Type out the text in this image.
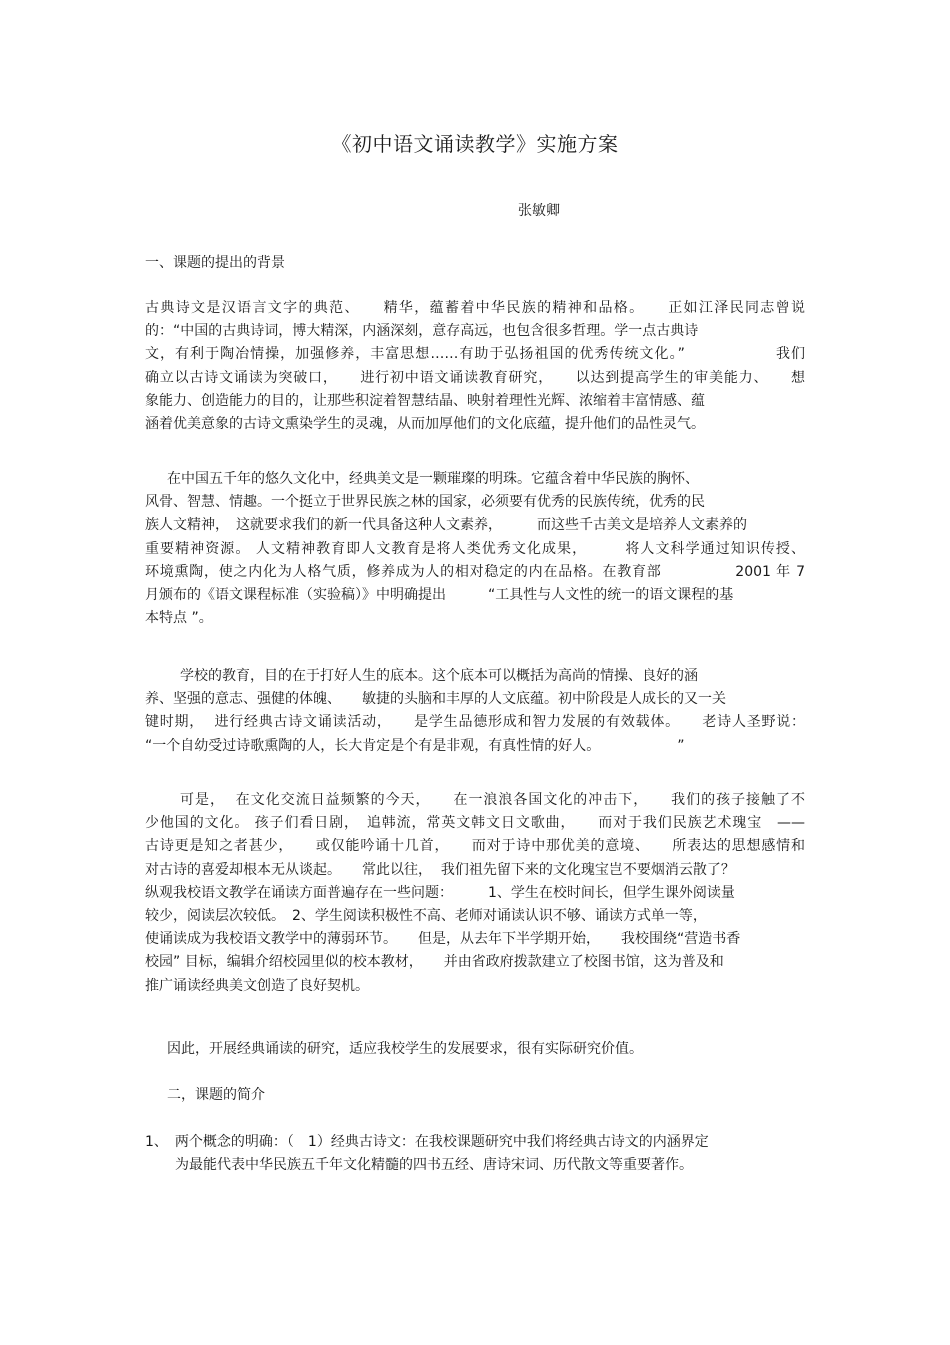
《初中语文诵读教学》实施方案
张敏卿
一、课题的提出的背景
古典诗文是汉语言文字的典范、　　精华，蕴蓄着中华民族的精神和品格。　　正如江泽民同志曾说
的：“中国的古典诗词，博大精深，内涵深刻，意存高远，也包含很多哲理。学一点古典诗
文，有利于陶冶情操，加强修养，丰富思想……有助于弘扬祖国的优秀传统文化。”　　　　　　我们
确立以古诗文诵读为突破口，　　进行初中语文诵读教育研究，　　以达到提高学生的审美能力、　　想
象能力、创造能力的目的，让那些积淀着智慧结晶、映射着理性光辉、浓缩着丰富情感、蕴
涵着优美意象的古诗文熏染学生的灵魂，从而加厚他们的文化底蕴，提升他们的品性灵气。
在中国五千年的悠久文化中，经典美文是一颗璀璨的明珠。它蕴含着中华民族的胸怀、
风骨、智慧、情趣。一个挺立于世界民族之林的国家，必须要有优秀的民族传统，优秀的民
族人文精神，　这就要求我们的新一代具备这种人文素养，　　　而这些千古美文是培养人文素养的
重要精神资源。 人文精神教育即人文教育是将人类优秀文化成果，　　　将人文科学通过知识传授、
环境熏陶，使之内化为人格气质，修养成为人的相对稳定的内在品格。在教育部　　　　　2001 年 7
月颁布的《语文课程标准（实验稿）》中明确提出　　　“工具性与人文性的统一的语文课程的基
本特点 ”。
学校的教育，目的在于打好人生的底本。这个底本可以概括为高尚的情操、良好的涵
养、坚强的意志、强健的体魄、　　敏捷的头脑和丰厚的人文底蕴。初中阶段是人成长的又一关
键时期，  进行经典古诗文诵读活动，　　是学生品德形成和智力发展的有效载体。　　老诗人圣野说：
“一个自幼受过诗歌熏陶的人，长大肯定是个有是非观，有真性情的好人。　　　　　　”
可是，  在文化交流日益频繁的今天，　　在一浪浪各国文化的冲击下，　　我们的孩子接触了不
少他国的文化。 孩子们看日剧，　追韩流，常英文韩文日文歌曲，　　而对于我们民族艺术瑰宝　——
古诗更是知之者甚少，　　或仅能吟诵十几首，　　而对于诗中那优美的意境、　　所表达的思想感情和
对古诗的喜爱却根本无从谈起。　　常此以往，  我们祖先留下来的文化瑰宝岂不要烟消云散了？
纵观我校语文教学在诵读方面普遍存在一些问题：　　　1、学生在校时间长，但学生课外阅读量
较少，阅读层次较低。　2、学生阅读积极性不高、老师对诵读认识不够、诵读方式单一等，
使诵读成为我校语文教学中的薄弱环节。　　但是，从去年下半学期开始，　　我校围绕“营造书香
校园” 目标，编辑介绍校园里似的校本教材，　　并由省政府拨款建立了校图书馆，这为普及和
推广诵读经典美文创造了良好契机。
因此，开展经典诵读的研究，适应我校学生的发展要求，很有实际研究价值。
二，课题的简介
1、　两个概念的明确：（　1）经典古诗文：在我校课题研究中我们将经典古诗文的内涵界定
为最能代表中华民族五千年文化精髓的四书五经、唐诗宋词、历代散文等重要著作。
